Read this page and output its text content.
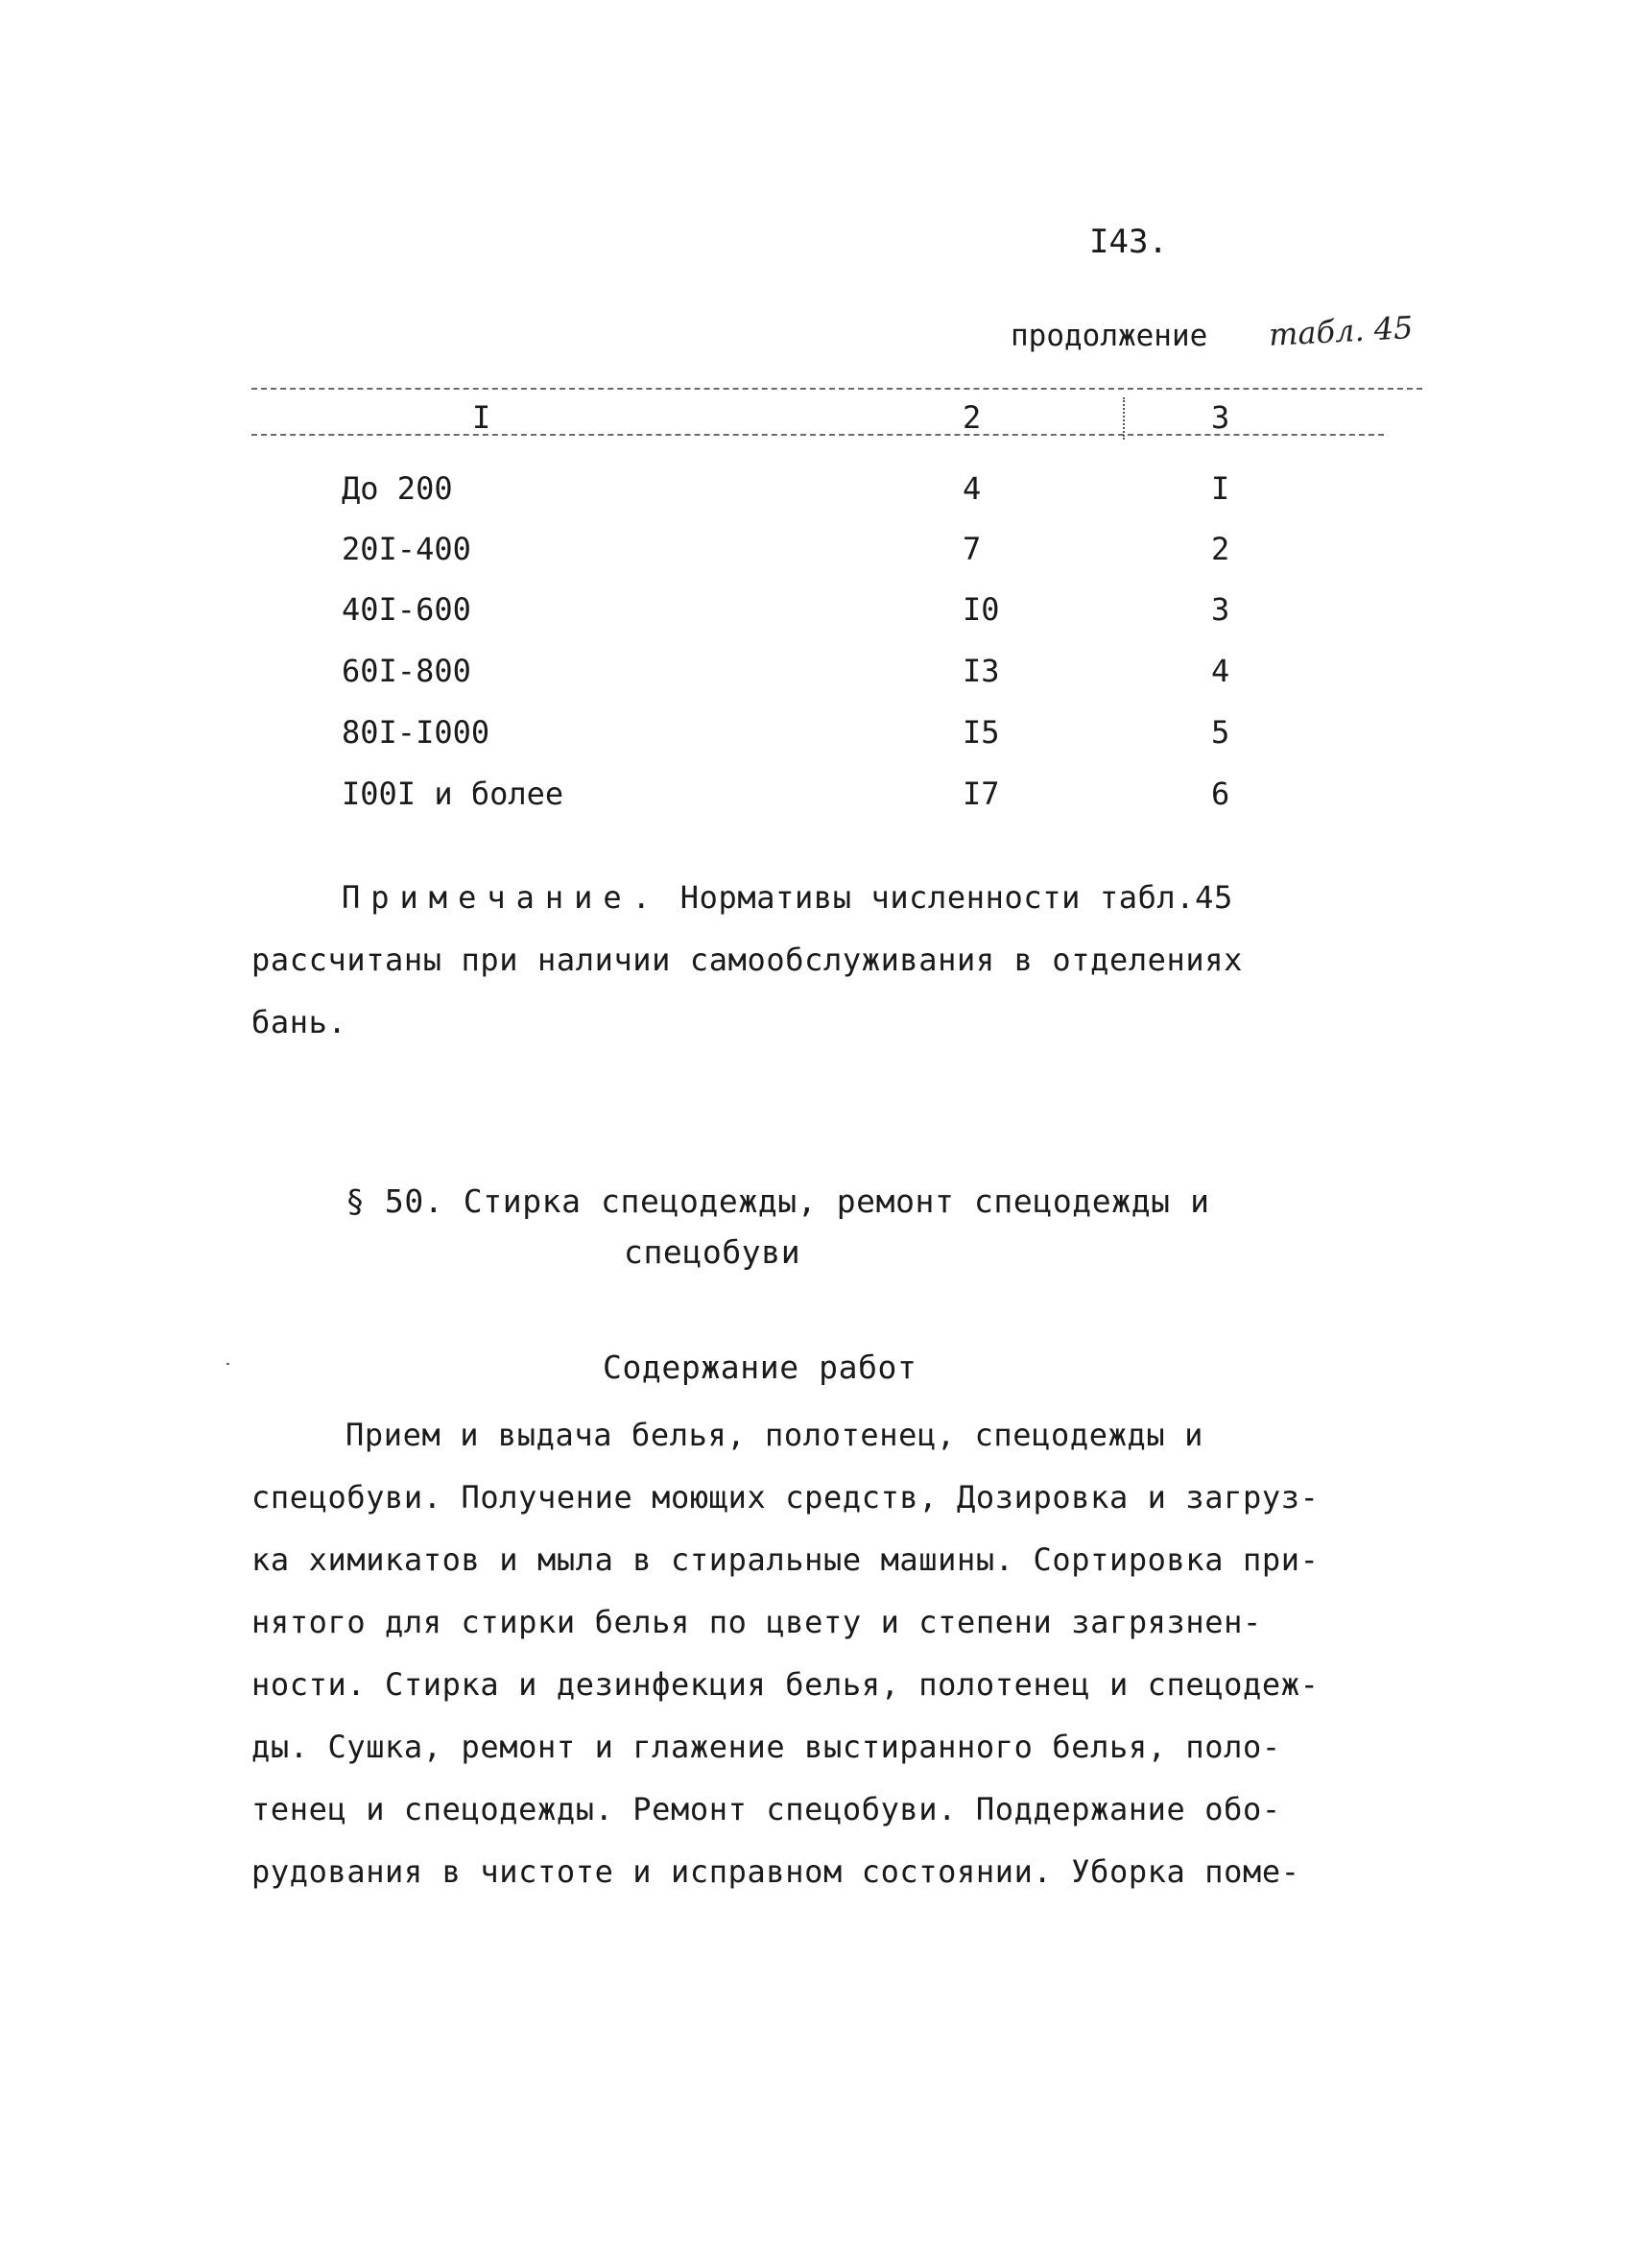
I43.
продолжение табл. 45
I	2	3
До 200	4	I
20I-400	7	2
40I-600	I0	3
60I-800	I3	4
80I-I000	I5	5
I00I и более	I7	6
Примечание. Нормативы численности табл.45
рассчитаны при наличии самообслуживания в отделениях
бань.
§ 50. Стирка спецодежды, ремонт спецодежды и
спецобуви
Содержание работ
Прием и выдача белья, полотенец, спецодежды и
спецобуви. Получение моющих средств, Дозировка и загруз-
ка химикатов и мыла в стиральные машины. Сортировка при-
нятого для стирки белья по цвету и степени загрязнен-
ности. Стирка и дезинфекция белья, полотенец и спецодеж-
ды. Сушка, ремонт и глажение выстиранного белья, поло-
тенец и спецодежды. Ремонт спецобуви. Поддержание обо-
рудования в чистоте и исправном состоянии. Уборка поме-
